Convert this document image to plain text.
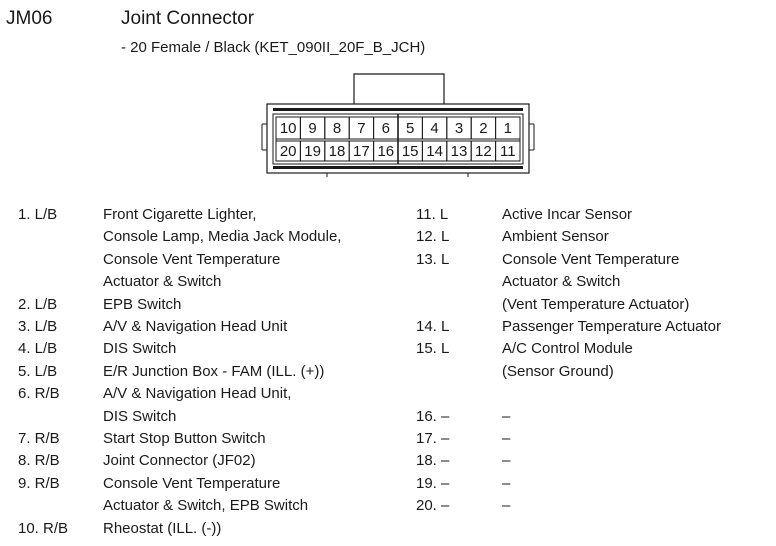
JM06	Joint Connector
- 20 Female / Black (KET_090II_20F_B_JCH)
10 9 8 7 6 5 4 3 2 1
20 19 18 17 16 15 14 13 12 11
1. L/B	Front Cigarette Lighter,
Console Lamp, Media Jack Module,
Console Vent Temperature
Actuator & Switch
2. L/B	EPB Switch
3. L/B	A/V & Navigation Head Unit
4. L/B	DIS Switch
5. L/B	E/R Junction Box - FAM (ILL. (+))
6. R/B	A/V & Navigation Head Unit,
DIS Switch
7. R/B	Start Stop Button Switch
8. R/B	Joint Connector (JF02)
9. R/B	Console Vent Temperature
Actuator & Switch, EPB Switch
10. R/B Rheostat (ILL. (-))
11. L	Active Incar Sensor
12. L	Ambient Sensor
13. L	Console Vent Temperature
Actuator & Switch
(Vent Temperature Actuator)
14. L	Passenger Temperature Actuator
15. L	A/C Control Module
(Sensor Ground)
16. –	–
17. –	–
18. –	–
19. –	–
20. –	–
